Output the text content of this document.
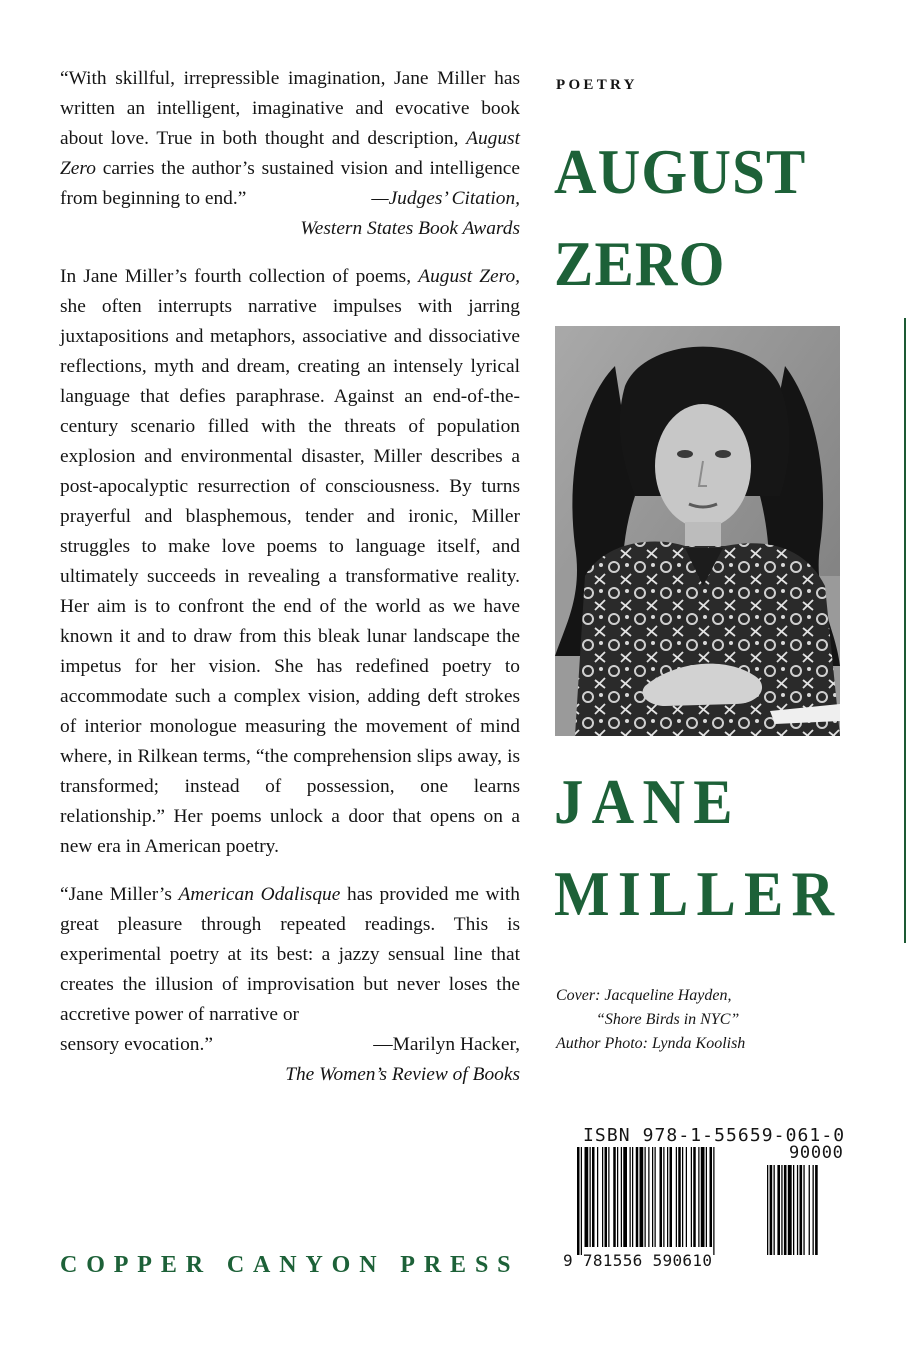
“With skillful, irrepressible imagination, Jane Miller has written an intelligent, imaginative and evocative book about love. True in both thought and description, August Zero carries the author’s sustained vision and intelligence from beginning to end.”	—Judges’ Citation,

Western States Book Awards

In Jane Miller’s fourth collection of poems, August Zero, she often interrupts narrative impulses with jarring juxtapositions and metaphors, associative and dissociative reflections, myth and dream, creating an intensely lyrical language that defies paraphrase. Against an end-of-the-century scenario filled with the threats of population explosion and environmental disaster, Miller describes a post-apocalyptic resurrection of consciousness. By turns prayerful and blasphemous, tender and ironic, Miller struggles to make love poems to language itself, and ultimately succeeds in revealing a transformative reality. Her aim is to confront the end of the world as we have known it and to draw from this bleak lunar landscape the impetus for her vision. She has redefined poetry to accommodate such a complex vision, adding deft strokes of interior monologue measuring the movement of mind where, in Rilkean terms, “the comprehension slips away, is transformed; instead of possession, one learns relationship.” Her poems unlock a door that opens on a new era in American poetry.

“Jane Miller’s American Odalisque has provided me with great pleasure through repeated readings. This is experimental poetry at its best: a jazzy sensual line that creates the illusion of improvisation but never loses the accretive power of narrative or

sensory evocation.”	—Marilyn Hacker,

The Women’s Review of Books

COPPER CANYON PRESS
POETRY
AUGUST
ZERO
JANE
MILLER
Cover: Jacqueline Hayden,
“Shore Birds in NYC”
Author Photo: Lynda Koolish
ISBN 978-1-55659-061-0
90000
9 781556 590610
